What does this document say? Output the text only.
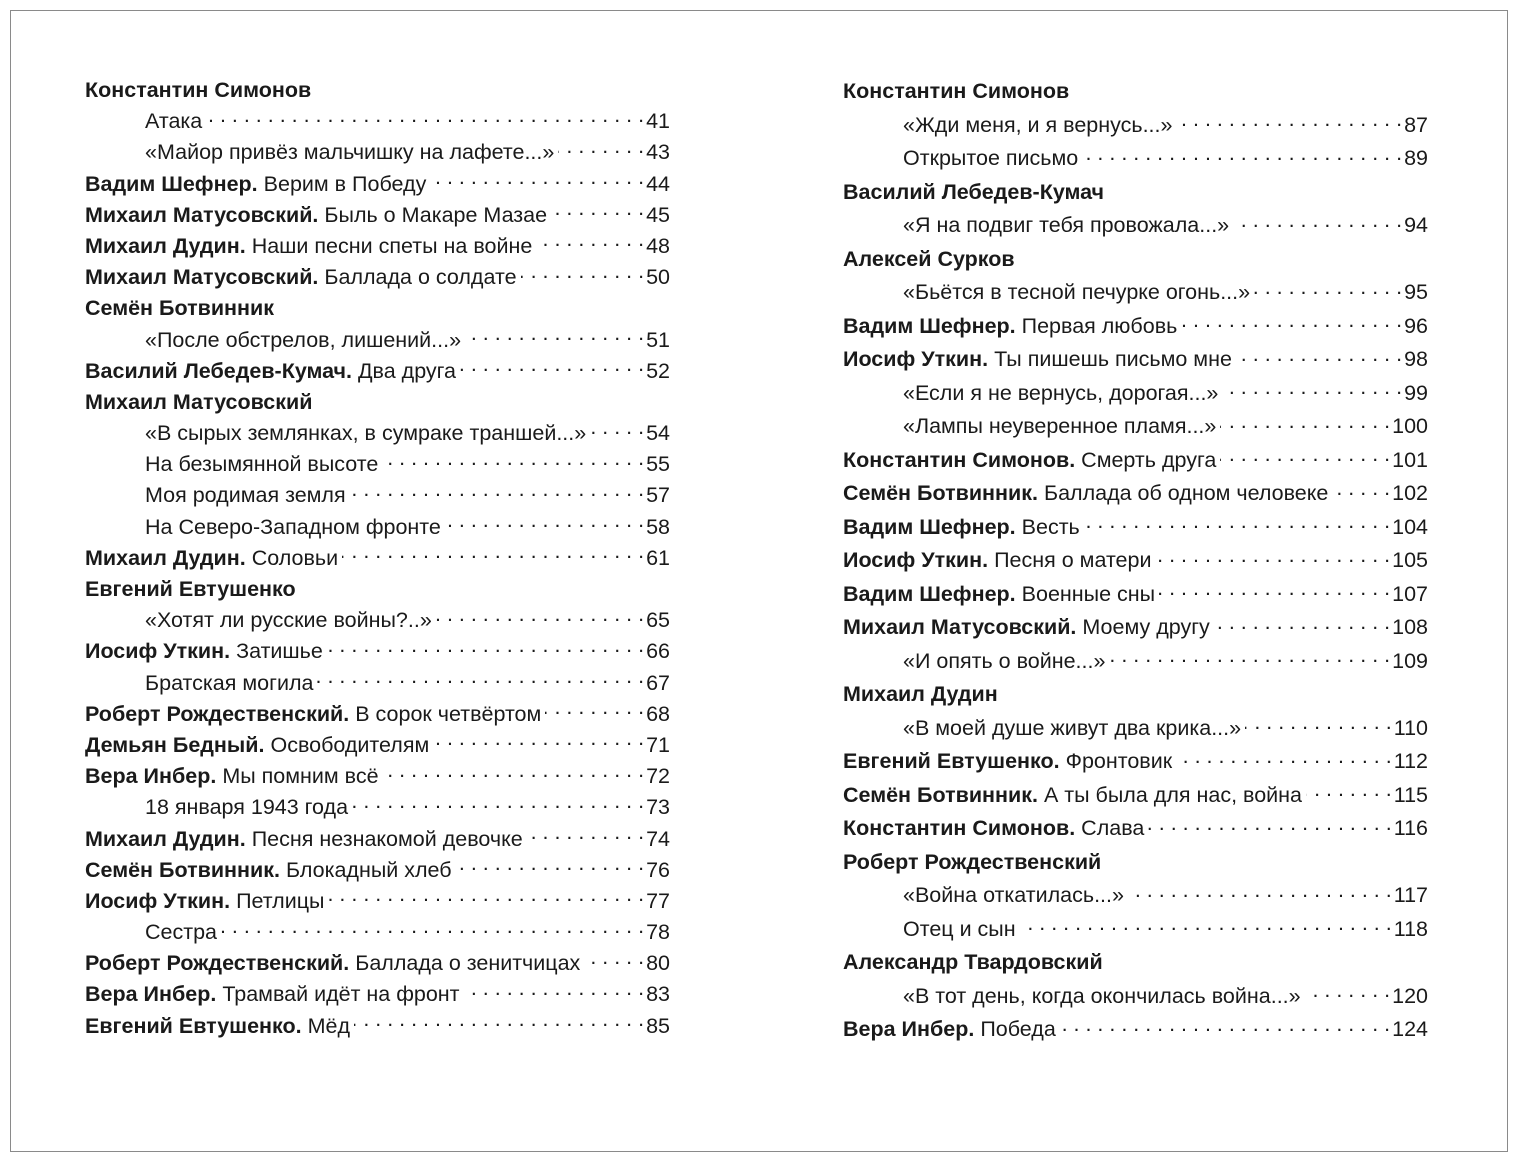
Константин Симонов
Атака . . .	41
«Майор привёз мальчишку на лафете...» . . .	43
Вадим Шефнер. Верим в Победу . . .	44
Михаил Матусовский. Быль о Макаре Мазае . . .	45
Михаил Дудин. Наши песни спеты на войне . . .	48
Михаил Матусовский. Баллада о солдате . . .	50
Семён Ботвинник
«После обстрелов, лишений...» . . .	51
Василий Лебедев-Кумач. Два друга . . .	52
Михаил Матусовский
«В сырых землянках, в сумраке траншей...» . . .	54
На безымянной высоте . . .	55
Моя родимая земля . . .	57
На Северо-Западном фронте . . .	58
Михаил Дудин. Соловьи . . .	61
Евгений Евтушенко
«Хотят ли русские войны?..» . . .	65
Иосиф Уткин. Затишье . . .	66
Братская могила . . .	67
Роберт Рождественский. В сорок четвёртом . . .	68
Демьян Бедный. Освободителям . . .	71
Вера Инбер. Мы помним всё . . .	72
18 января 1943 года . . .	73
Михаил Дудин. Песня незнакомой девочке . . .	74
Семён Ботвинник. Блокадный хлеб . . .	76
Иосиф Уткин. Петлицы . . .	77
Сестра . . .	78
Роберт Рождественский. Баллада о зенитчицах . . .	80
Вера Инбер. Трамвай идёт на фронт . . .	83
Евгений Евтушенко. Мёд . . .	85
Константин Симонов
«Жди меня, и я вернусь...» . . .	87
Открытое письмо . . .	89
Василий Лебедев-Кумач
«Я на подвиг тебя провожала...» . . .	94
Алексей Сурков
«Бьётся в тесной печурке огонь...» . . .	95
Вадим Шефнер. Первая любовь . . .	96
Иосиф Уткин. Ты пишешь письмо мне . . .	98
«Если я не вернусь, дорогая...» . . .	99
«Лампы неуверенное пламя...» . . .	100
Константин Симонов. Смерть друга . . .	101
Семён Ботвинник. Баллада об одном человеке . . .	102
Вадим Шефнер. Весть . . .	104
Иосиф Уткин. Песня о матери . . .	105
Вадим Шефнер. Военные сны . . .	107
Михаил Матусовский. Моему другу . . .	108
«И опять о войне...» . . .	109
Михаил Дудин
«В моей душе живут два крика...» . . .	110
Евгений Евтушенко. Фронтовик . . .	112
Семён Ботвинник. А ты была для нас, война . . .	115
Константин Симонов. Слава . . .	116
Роберт Рождественский
«Война откатилась...» . . .	117
Отец и сын . . .	118
Александр Твардовский
«В тот день, когда окончилась война...» . . .	120
Вера Инбер. Победа . . .	124
